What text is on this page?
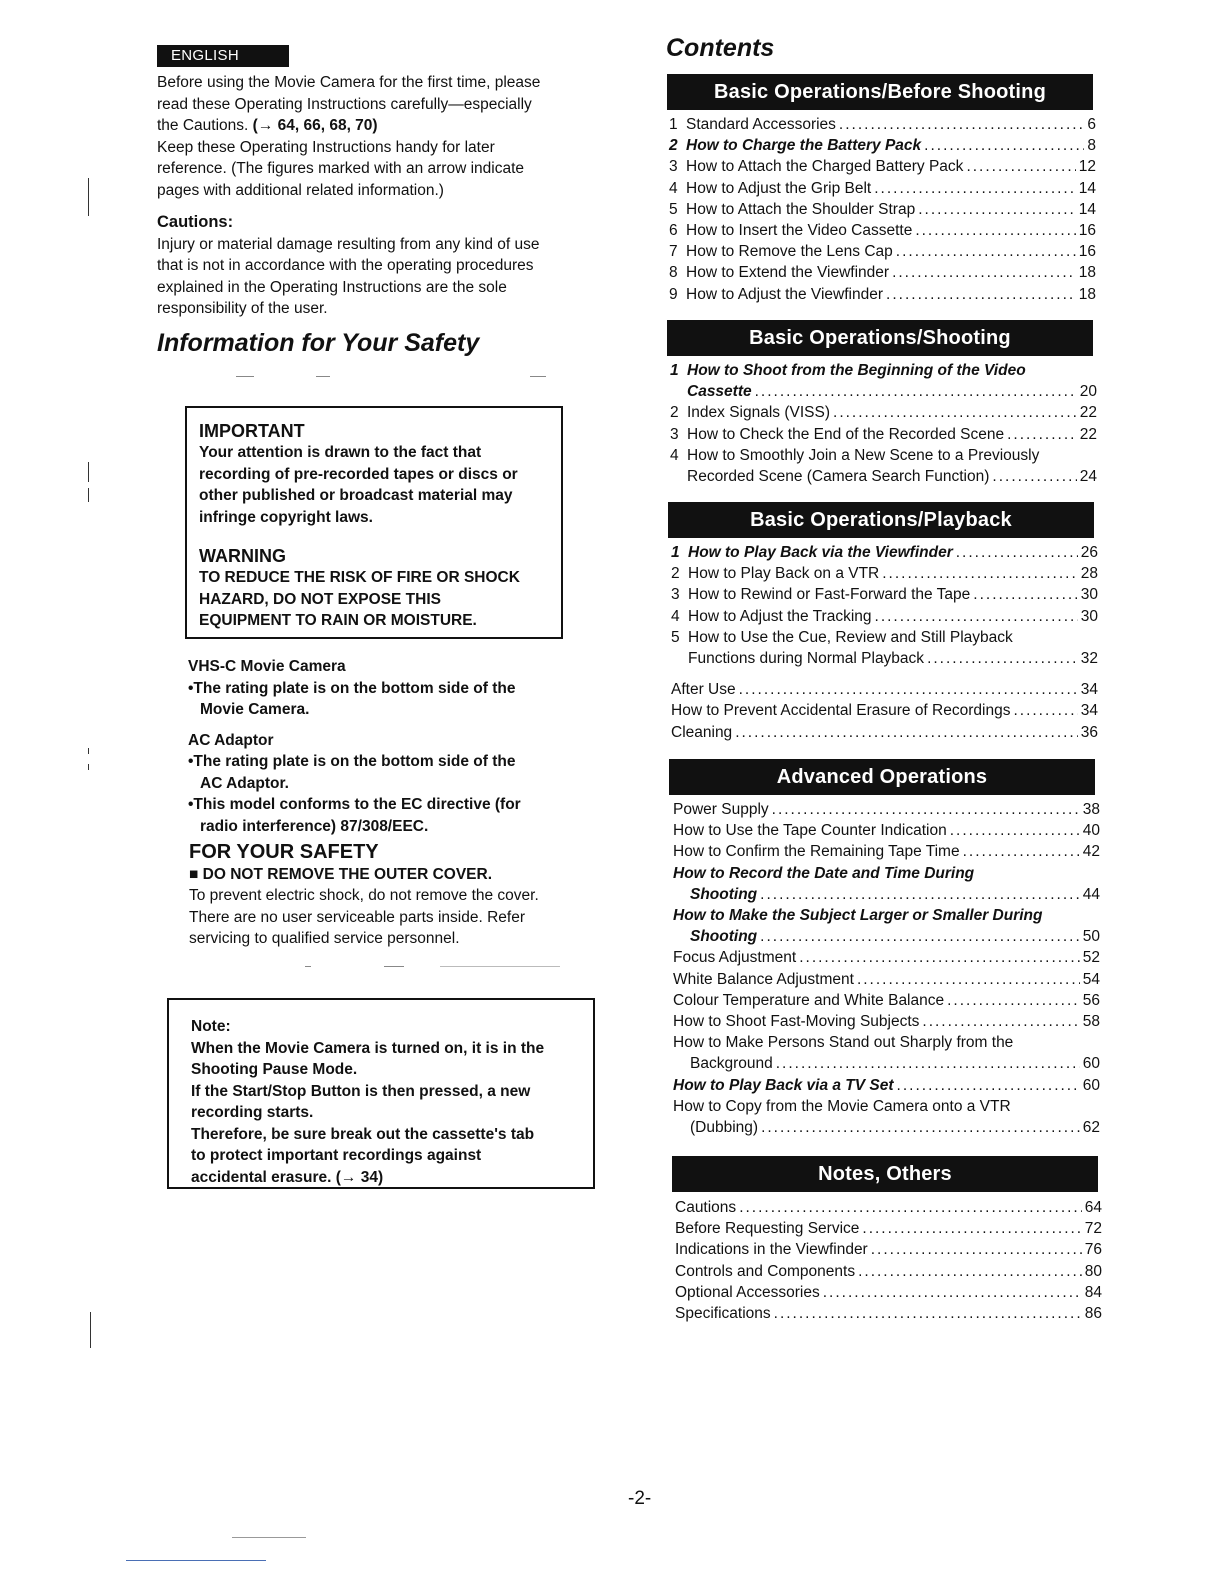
ENGLISH

Before using the Movie Camera for the first time, please

read these Operating Instructions carefully—especially

the Cautions. (→ 64, 66, 68, 70)

Keep these Operating Instructions handy for later

reference. (The figures marked with an arrow indicate

pages with additional related information.)

Cautions:

Injury or material damage resulting from any kind of use

that is not in accordance with the operating procedures

explained in the Operating Instructions are the sole

responsibility of the user.

Information for Your Safety
IMPORTANT
Your attention is drawn to the fact that
recording of pre-recorded tapes or discs or
other published or broadcast material may
infringe copyright laws.
WARNING
TO REDUCE THE RISK OF FIRE OR SHOCK
HAZARD, DO NOT EXPOSE THIS
EQUIPMENT TO RAIN OR MOISTURE.
VHS-C Movie Camera
•The rating plate is on the bottom side of the
Movie Camera.
AC Adaptor
•The rating plate is on the bottom side of the
AC Adaptor.
•This model conforms to the EC directive (for
radio interference) 87/308/EEC.
FOR YOUR SAFETY
■ DO NOT REMOVE THE OUTER COVER.
To prevent electric shock, do not remove the cover.
There are no user serviceable parts inside. Refer
servicing to qualified service personnel.
Note:
When the Movie Camera is turned on, it is in the
Shooting Pause Mode.
If the Start/Stop Button is then pressed, a new
recording starts.
Therefore, be sure break out the cassette's tab
to protect important recordings against
accidental erasure. (→ 34)
Contents
Basic Operations/Before Shooting
1 Standard Accessories .....	6
2 How to Charge the Battery Pack .....	8
3 How to Attach the Charged Battery Pack .....	12
4 How to Adjust the Grip Belt .....	14
5 How to Attach the Shoulder Strap .....	14
6 How to Insert the Video Cassette .....	16
7 How to Remove the Lens Cap .....	16
8 How to Extend the Viewfinder .....	18
9 How to Adjust the Viewfinder .....	18
Basic Operations/Shooting
1 How to Shoot from the Beginning of the Video
Cassette .....	20
2 Index Signals (VISS) .....	22
3 How to Check the End of the Recorded Scene .....	22
4 How to Smoothly Join a New Scene to a Previously
Recorded Scene (Camera Search Function) .....	24
Basic Operations/Playback
1 How to Play Back via the Viewfinder .....	26
2 How to Play Back on a VTR .....	28
3 How to Rewind or Fast-Forward the Tape .....	30
4 How to Adjust the Tracking .....	30
5 How to Use the Cue, Review and Still Playback
Functions during Normal Playback .....	32
After Use .....	34
How to Prevent Accidental Erasure of Recordings .....	34
Cleaning .....	36
Advanced Operations
Power Supply .....	38
How to Use the Tape Counter Indication .....	40
How to Confirm the Remaining Tape Time .....	42
How to Record the Date and Time During
Shooting .....	44
How to Make the Subject Larger or Smaller During
Shooting .....	50
Focus Adjustment .....	52
White Balance Adjustment .....	54
Colour Temperature and White Balance .....	56
How to Shoot Fast-Moving Subjects .....	58
How to Make Persons Stand out Sharply from the
Background .....	60
How to Play Back via a TV Set .....	60
How to Copy from the Movie Camera onto a VTR
(Dubbing) .....	62
Notes, Others
Cautions .....	64
Before Requesting Service .....	72
Indications in the Viewfinder .....	76
Controls and Components .....	80
Optional Accessories .....	84
Specifications .....	86
-2-
